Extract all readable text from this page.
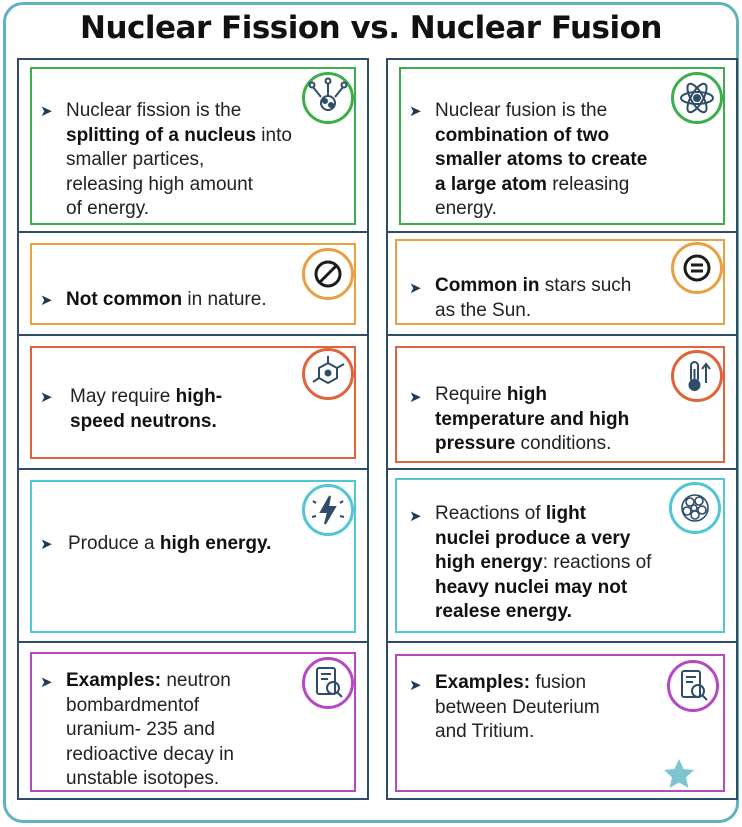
Nuclear Fission vs. Nuclear Fusion
➤ Nuclear fission is the
splitting of a nucleus into
smaller partices,
releasing high amount
of energy.
➤ Not common in nature.
➤ May require high-
speed neutrons.
➤ Produce a high energy.
➤ Examples: neutron
bombardmentof
uranium- 235 and
redioactive decay in
unstable isotopes.
➤ Nuclear fusion is the
combination of two
smaller atoms to create
a large atom releasing
energy.
➤ Common in stars such
as the Sun.
➤ Require high
temperature and high
pressure conditions.
➤ Reactions of light
nuclei produce a very
high energy: reactions of
heavy nuclei may not
realese energy.
➤ Examples: fusion
between Deuterium
and Tritium.
